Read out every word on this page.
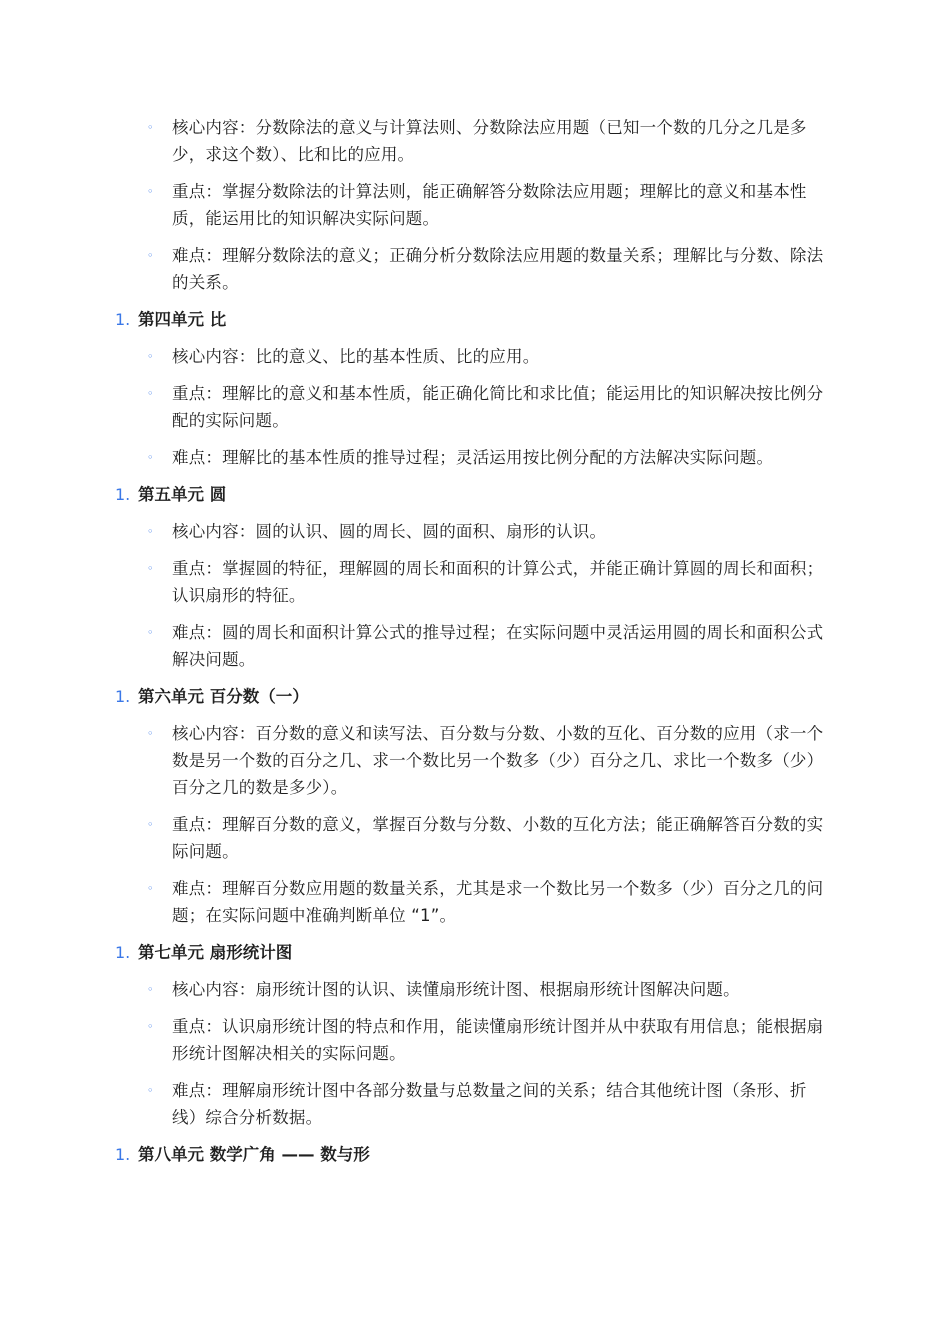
◦ 核心内容：分数除法的意义与计算法则、分数除法应用题（已知一个数的几分之几是多少，求这个数）、比和比的应用。
◦ 重点：掌握分数除法的计算法则，能正确解答分数除法应用题；理解比的意义和基本性质，能运用比的知识解决实际问题。
◦ 难点：理解分数除法的意义；正确分析分数除法应用题的数量关系；理解比与分数、除法的关系。
1. 第四单元 比
◦ 核心内容：比的意义、比的基本性质、比的应用。
◦ 重点：理解比的意义和基本性质，能正确化简比和求比值；能运用比的知识解决按比例分配的实际问题。
◦ 难点：理解比的基本性质的推导过程；灵活运用按比例分配的方法解决实际问题。
1. 第五单元 圆
◦ 核心内容：圆的认识、圆的周长、圆的面积、扇形的认识。
◦ 重点：掌握圆的特征，理解圆的周长和面积的计算公式，并能正确计算圆的周长和面积；认识扇形的特征。
◦ 难点：圆的周长和面积计算公式的推导过程；在实际问题中灵活运用圆的周长和面积公式解决问题。
1. 第六单元 百分数（一）
◦ 核心内容：百分数的意义和读写法、百分数与分数、小数的互化、百分数的应用（求一个数是另一个数的百分之几、求一个数比另一个数多（少）百分之几、求比一个数多（少）百分之几的数是多少）。
◦ 重点：理解百分数的意义，掌握百分数与分数、小数的互化方法；能正确解答百分数的实际问题。
◦ 难点：理解百分数应用题的数量关系，尤其是求一个数比另一个数多（少）百分之几的问题；在实际问题中准确判断单位 “1”。
1. 第七单元 扇形统计图
◦ 核心内容：扇形统计图的认识、读懂扇形统计图、根据扇形统计图解决问题。
◦ 重点：认识扇形统计图的特点和作用，能读懂扇形统计图并从中获取有用信息；能根据扇形统计图解决相关的实际问题。
◦ 难点：理解扇形统计图中各部分数量与总数量之间的关系；结合其他统计图（条形、折线）综合分析数据。
1. 第八单元 数学广角 —— 数与形
